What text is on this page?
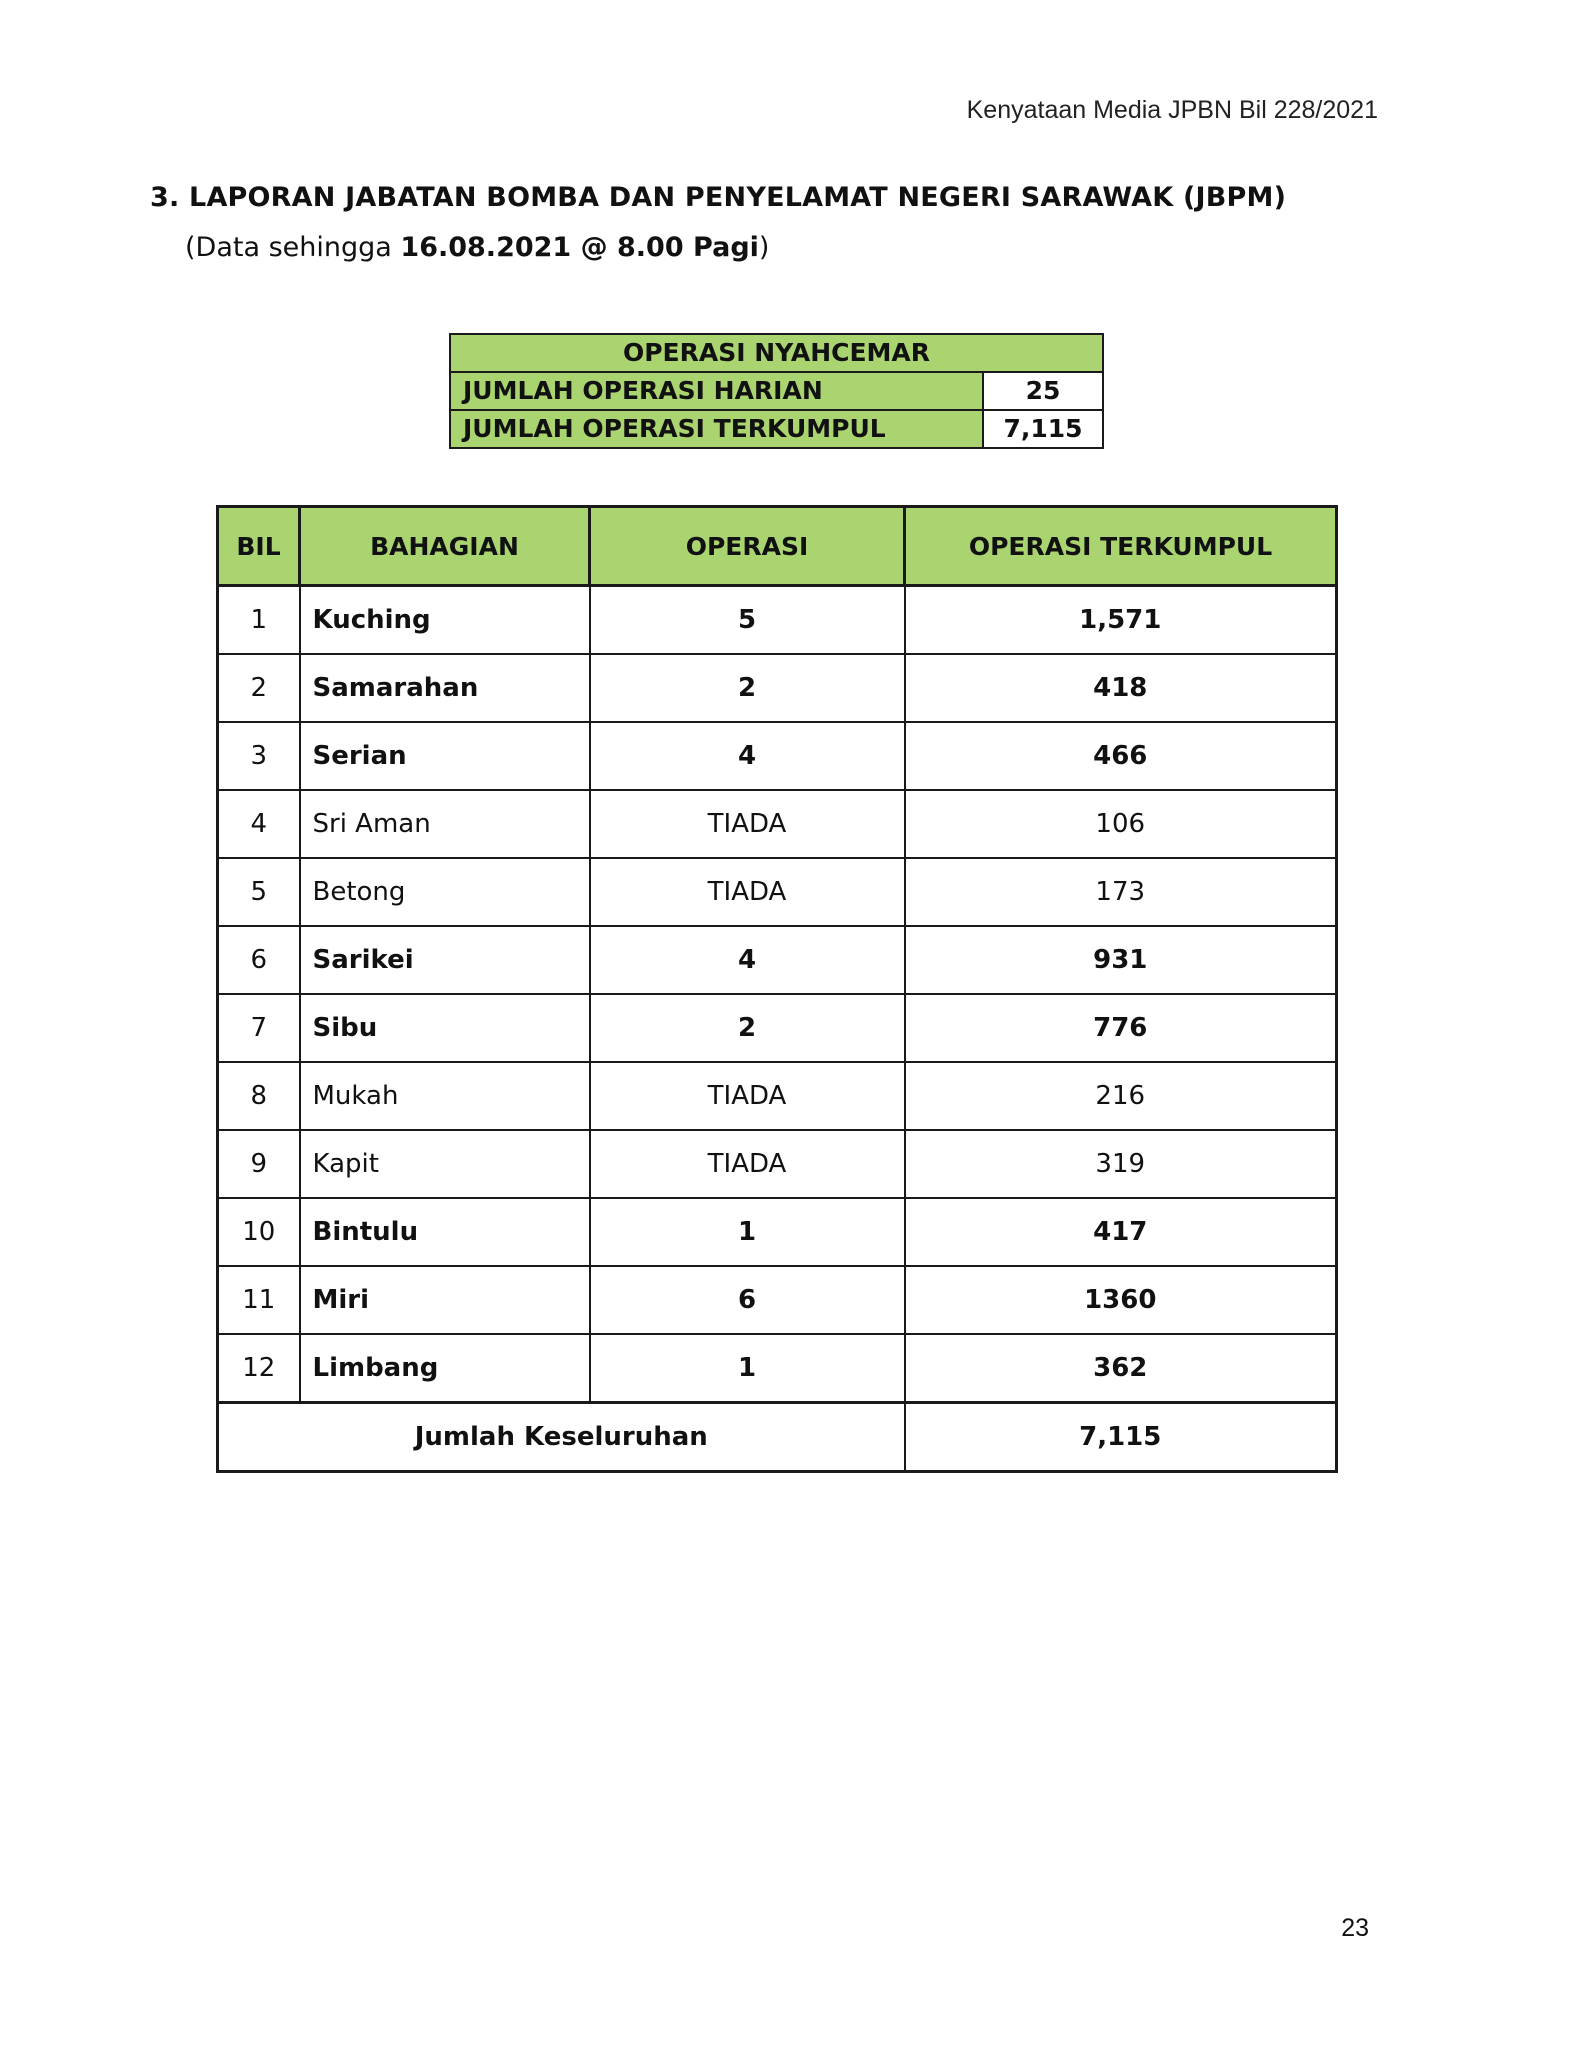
Kenyataan Media JPBN Bil 228/2021
3. LAPORAN JABATAN BOMBA DAN PENYELAMAT NEGERI SARAWAK (JBPM)
(Data sehingga 16.08.2021 @ 8.00 Pagi)
OPERASI NYAHCEMAR	
JUMLAH OPERASI HARIAN	25
JUMLAH OPERASI TERKUMPUL	7,115
BIL	BAHAGIAN	OPERASI	OPERASI TERKUMPUL
1	Kuching	5	1,571
2	Samarahan	2	418
3	Serian	4	466
4	Sri Aman	TIADA	106
5	Betong	TIADA	173
6	Sarikei	4	931
7	Sibu	2	776
8	Mukah	TIADA	216
9	Kapit	TIADA	319
10	Bintulu	1	417
11	Miri	6	1360
12	Limbang	1	362
Jumlah Keseluruhan			7,115
23
